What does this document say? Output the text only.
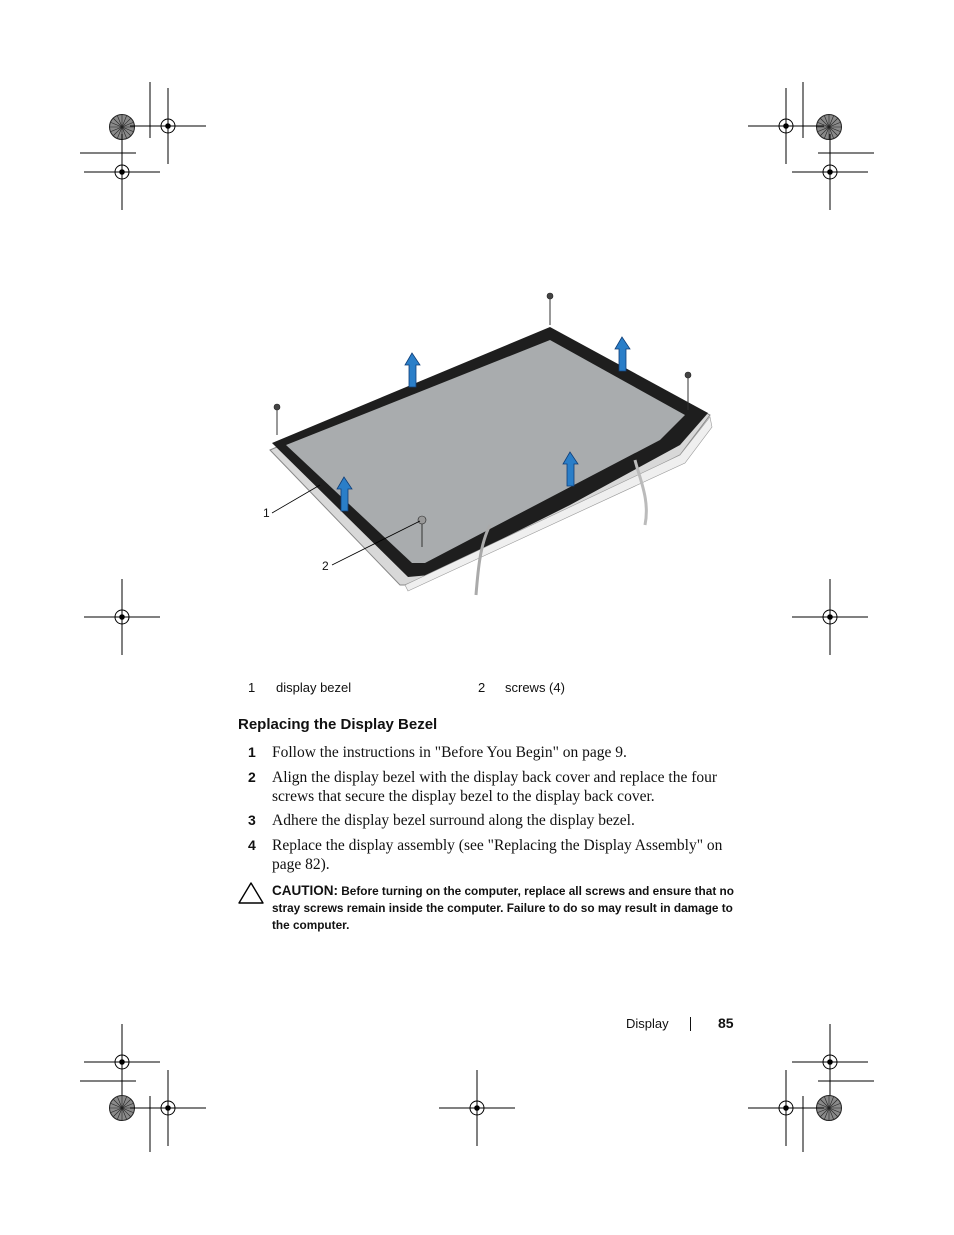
1
2
1 display bezel	2 screws (4)
Replacing the Display Bezel
1 Follow the instructions in "Before You Begin" on page 9.
2 Align the display bezel with the display back cover and replace the four screws that secure the display bezel to the display back cover.
3 Adhere the display bezel surround along the display bezel.
4 Replace the display assembly (see "Replacing the Display Assembly" on page 82).
CAUTION: Before turning on the computer, replace all screws and ensure that no stray screws remain inside the computer. Failure to do so may result in damage to the computer.
Display	85
